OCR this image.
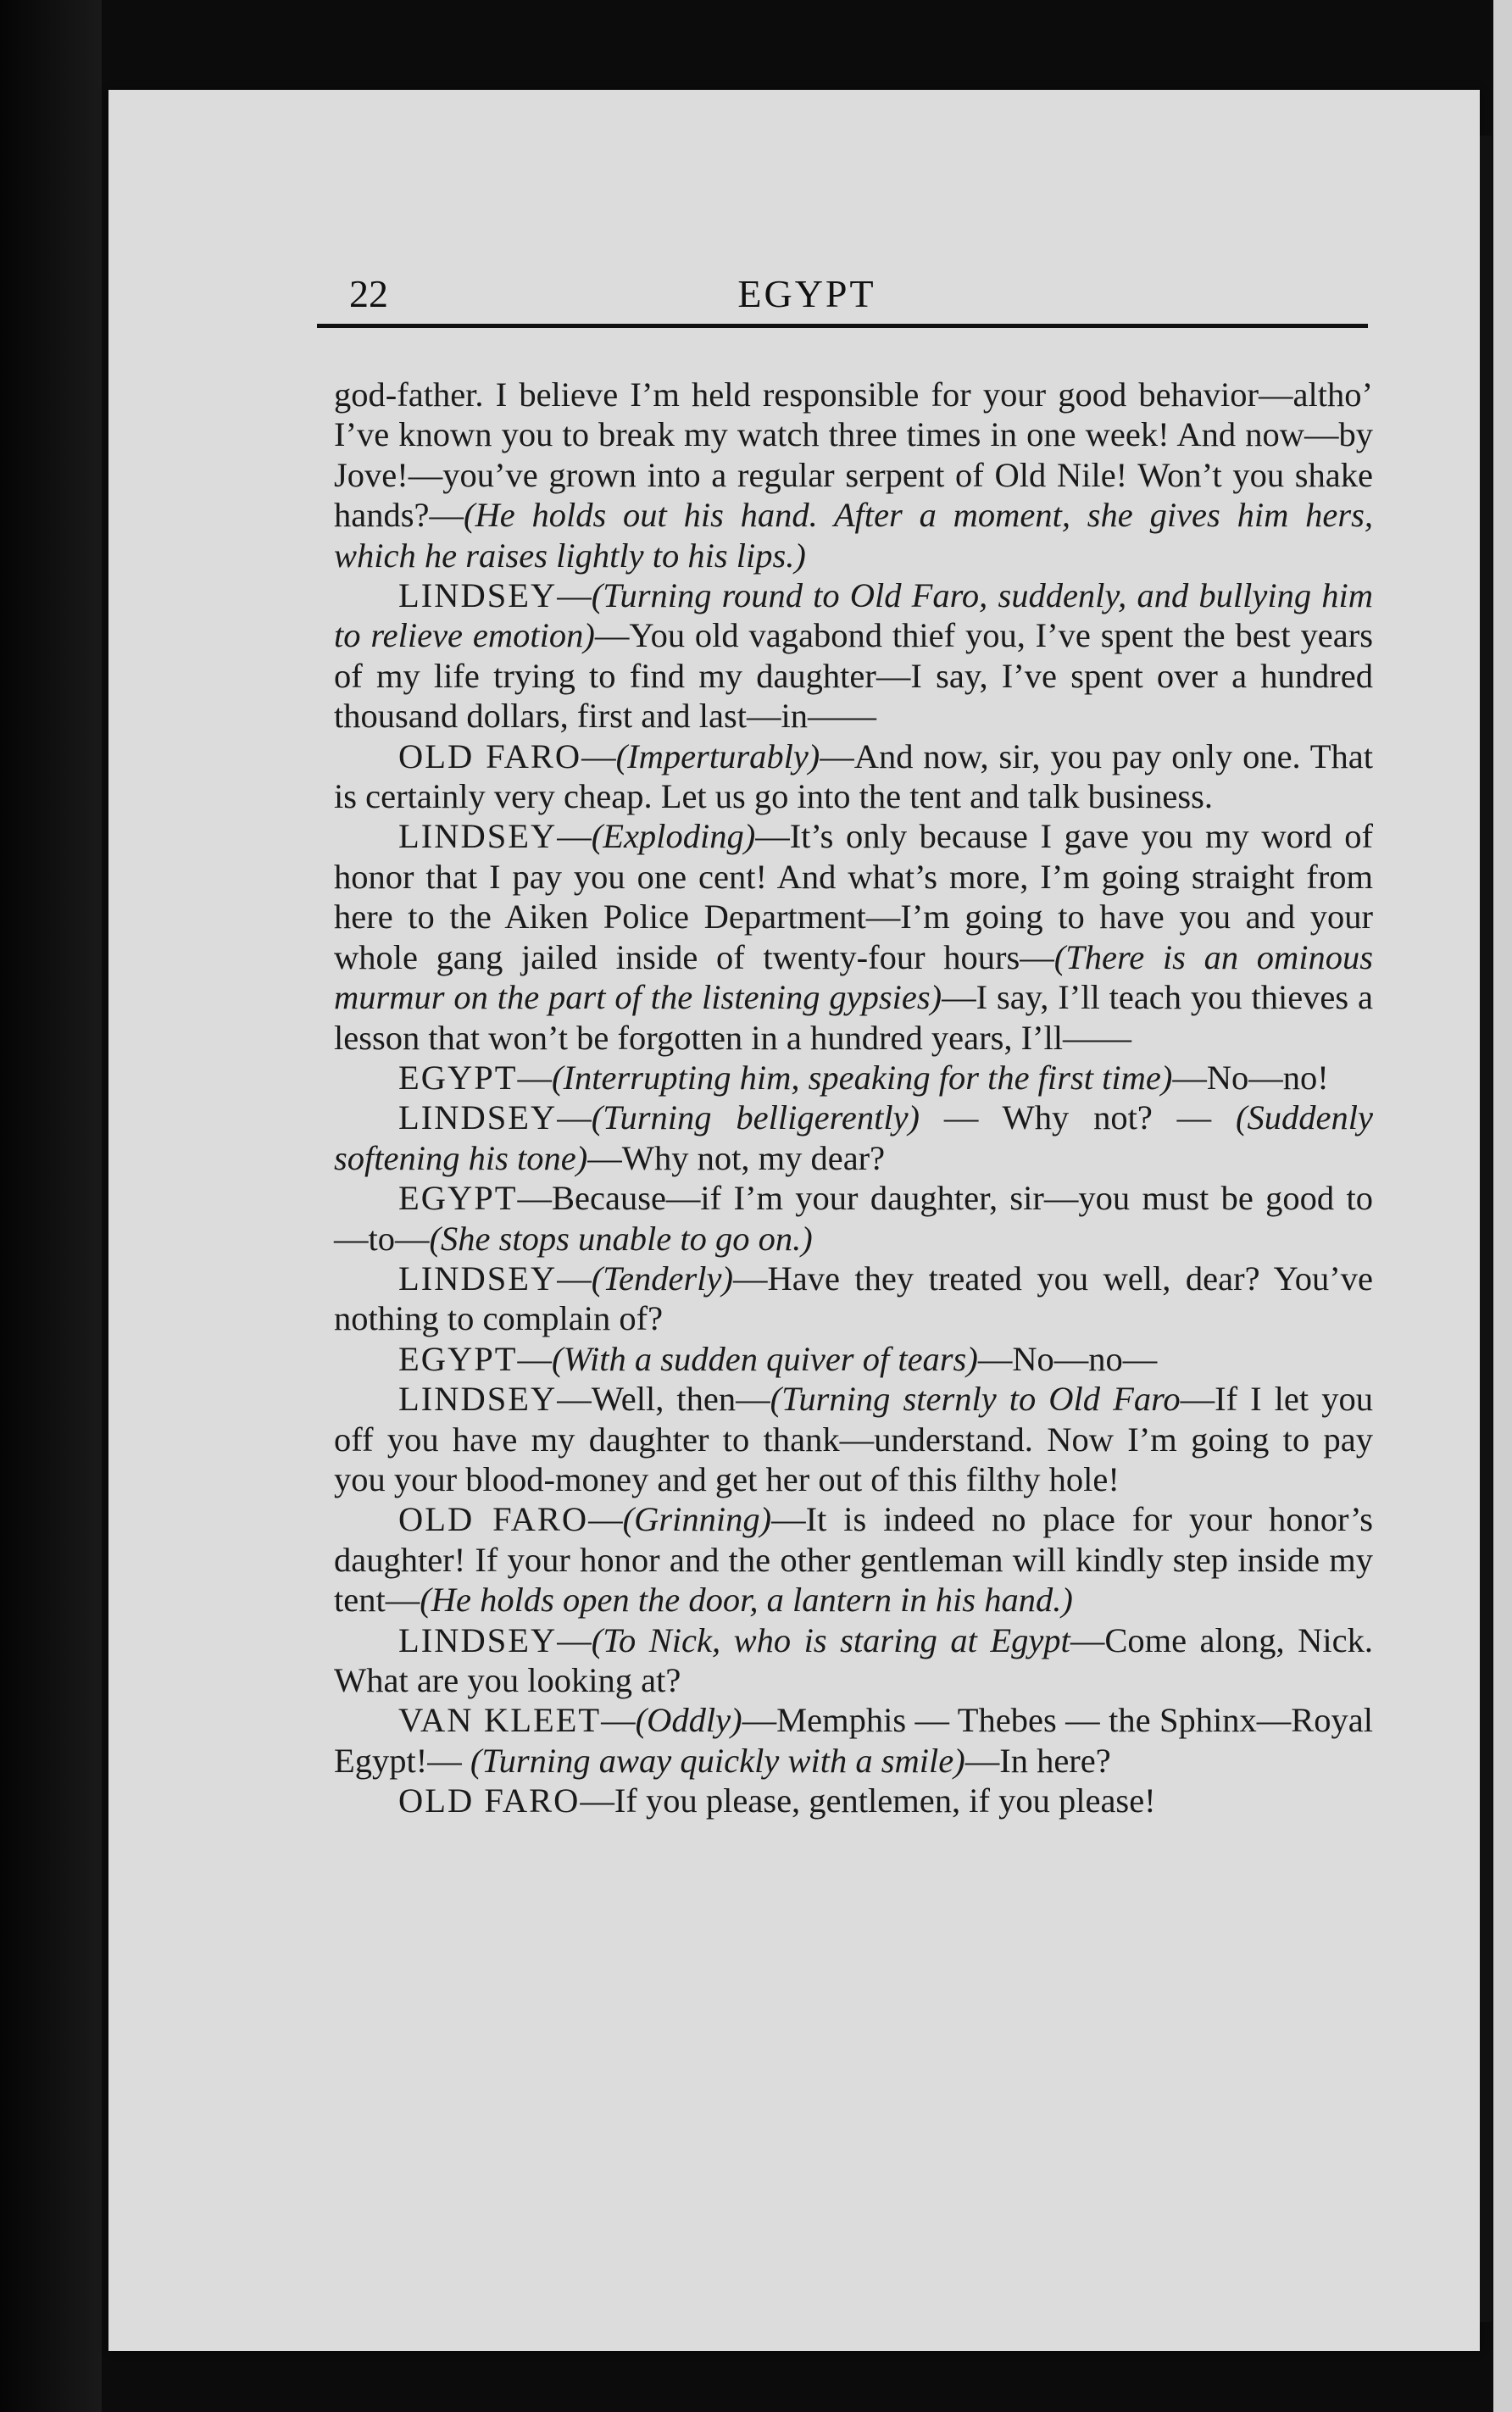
22	EGYPT

god-father. I believe I’m held responsible for your good behavior—altho’ I’ve known you to break my watch three times in one week! And now—by Jove!—you’ve grown into a regular serpent of Old Nile! Won’t you shake hands?—(He holds out his hand. After a moment, she gives him hers, which he raises lightly to his lips.)

LINDSEY—(Turning round to Old Faro, suddenly, and bullying him to relieve emotion)—You old vagabond thief you, I’ve spent the best years of my life trying to find my daughter—I say, I’ve spent over a hundred thousand dollars, first and last—in——

OLD FARO—(Imperturably)—And now, sir, you pay only one. That is certainly very cheap. Let us go into the tent and talk business.

LINDSEY—(Exploding)—It’s only because I gave you my word of honor that I pay you one cent! And what’s more, I’m going straight from here to the Aiken Police Department—I’m going to have you and your whole gang jailed inside of twenty-four hours—(There is an ominous murmur on the part of the listening gypsies)—I say, I’ll teach you thieves a lesson that won’t be forgotten in a hundred years, I’ll——

EGYPT—(Interrupting him, speaking for the first time)—No—no!

LINDSEY—(Turning belligerently) — Why not? — (Suddenly softening his tone)—Why not, my dear?

EGYPT—Because—if I’m your daughter, sir—you must be good to—to—(She stops unable to go on.)

LINDSEY—(Tenderly)—Have they treated you well, dear? You’ve nothing to complain of?

EGYPT—(With a sudden quiver of tears)—No—no—

LINDSEY—Well, then—(Turning sternly to Old Faro—If I let you off you have my daughter to thank—understand. Now I’m going to pay you your blood-money and get her out of this filthy hole!

OLD FARO—(Grinning)—It is indeed no place for your honor’s daughter! If your honor and the other gentleman will kindly step inside my tent—(He holds open the door, a lantern in his hand.)

LINDSEY—(To Nick, who is staring at Egypt—Come along, Nick. What are you looking at?

VAN KLEET—(Oddly)—Memphis — Thebes — the Sphinx—Royal Egypt!— (Turning away quickly with a smile)—In here?

OLD FARO—If you please, gentlemen, if you please!
